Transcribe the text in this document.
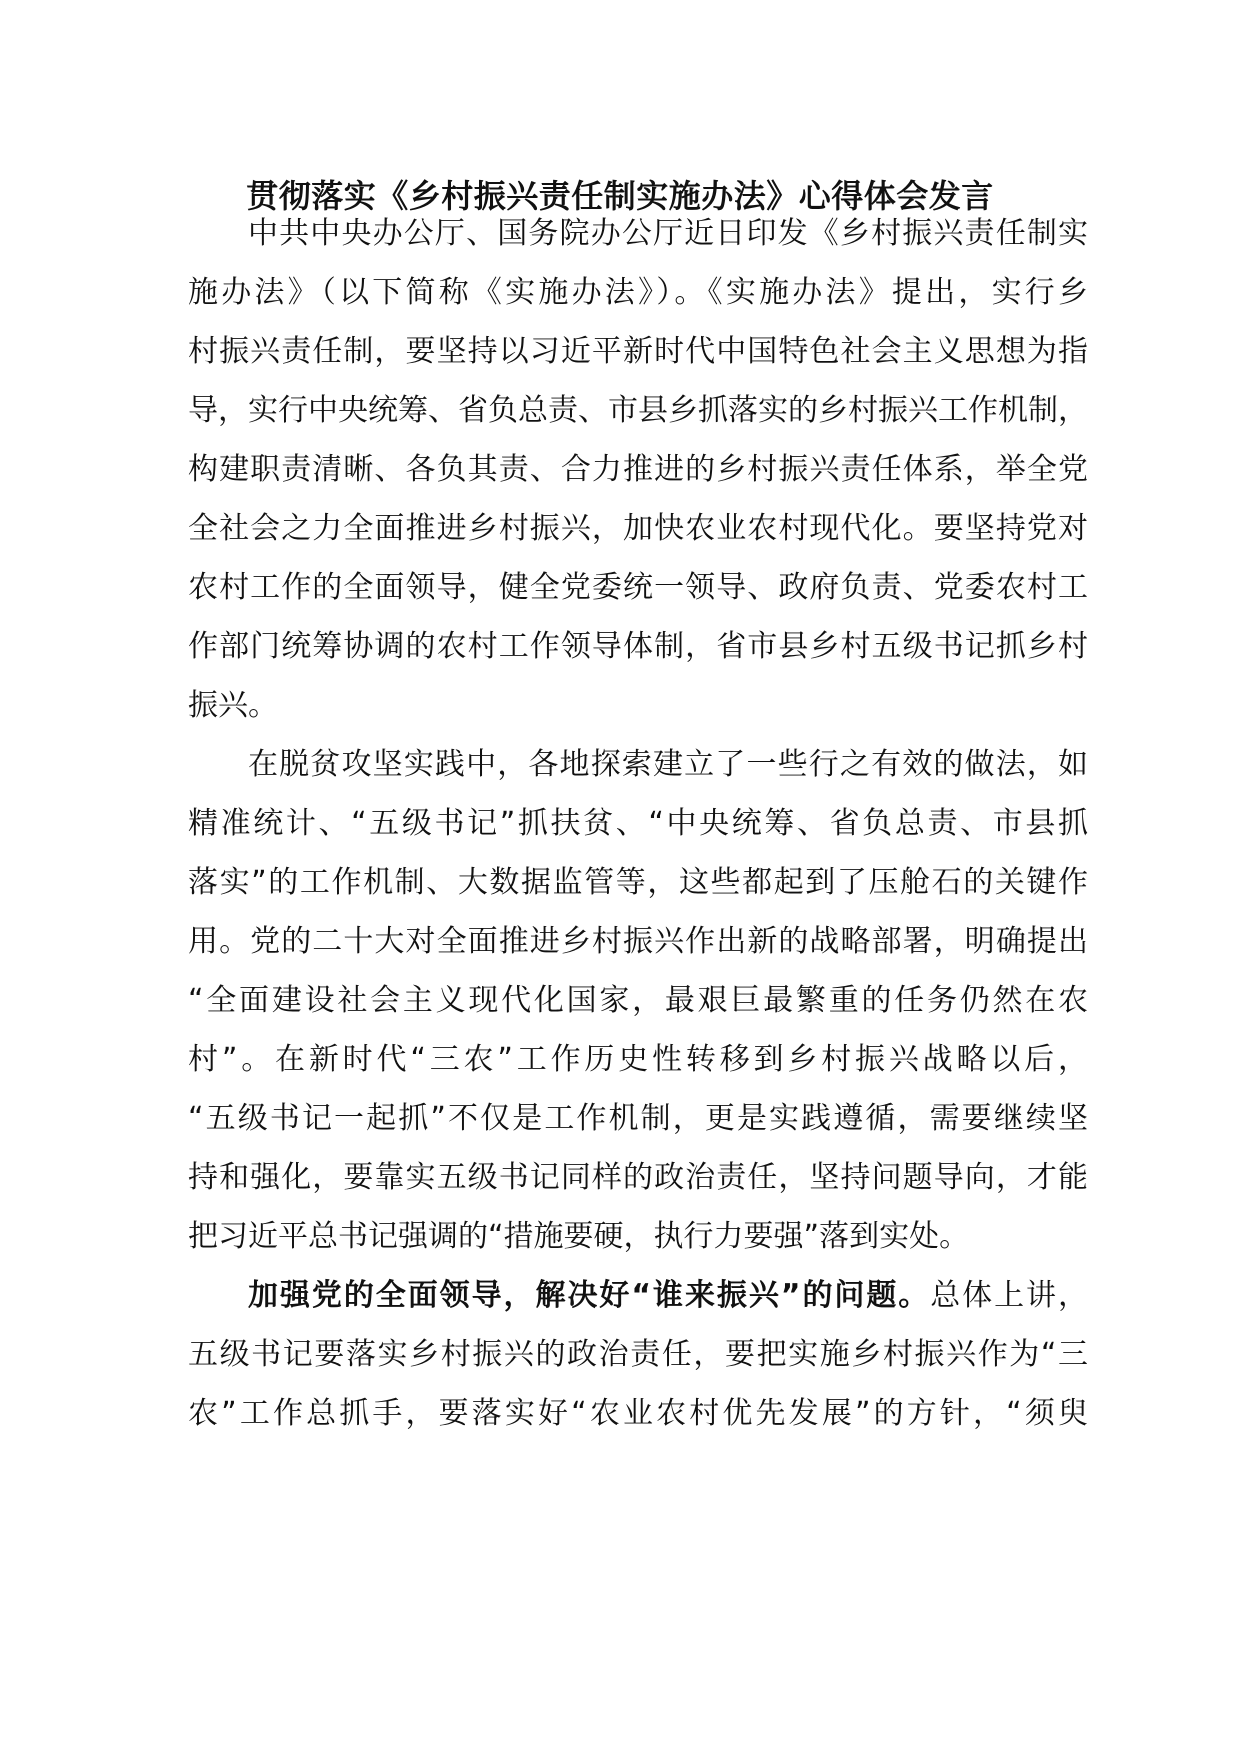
贯彻落实《乡村振兴责任制实施办法》心得体会发言
中共中央办公厅、国务院办公厅近日印发《乡村振兴责任制实
施办法》（以下简称《实施办法》）。《实施办法》提出，实行乡
村振兴责任制，要坚持以习近平新时代中国特色社会主义思想为指
导，实行中央统筹、省负总责、市县乡抓落实的乡村振兴工作机制，
构建职责清晰、各负其责、合力推进的乡村振兴责任体系，举全党
全社会之力全面推进乡村振兴，加快农业农村现代化。要坚持党对
农村工作的全面领导，健全党委统一领导、政府负责、党委农村工
作部门统筹协调的农村工作领导体制，省市县乡村五级书记抓乡村
振兴。
在脱贫攻坚实践中，各地探索建立了一些行之有效的做法，如
精准统计、“五级书记”抓扶贫、“中央统筹、省负总责、市县抓
落实”的工作机制、大数据监管等，这些都起到了压舱石的关键作
用。党的二十大对全面推进乡村振兴作出新的战略部署，明确提出
“全面建设社会主义现代化国家，最艰巨最繁重的任务仍然在农
村”。在新时代“三农”工作历史性转移到乡村振兴战略以后，
“五级书记一起抓”不仅是工作机制，更是实践遵循，需要继续坚
持和强化，要靠实五级书记同样的政治责任，坚持问题导向，才能
把习近平总书记强调的“措施要硬，执行力要强”落到实处。
加强党的全面领导，解决好“谁来振兴”的问题。总体上讲，
五级书记要落实乡村振兴的政治责任，要把实施乡村振兴作为“三
农”工作总抓手，要落实好“农业农村优先发展”的方针，“须臾
